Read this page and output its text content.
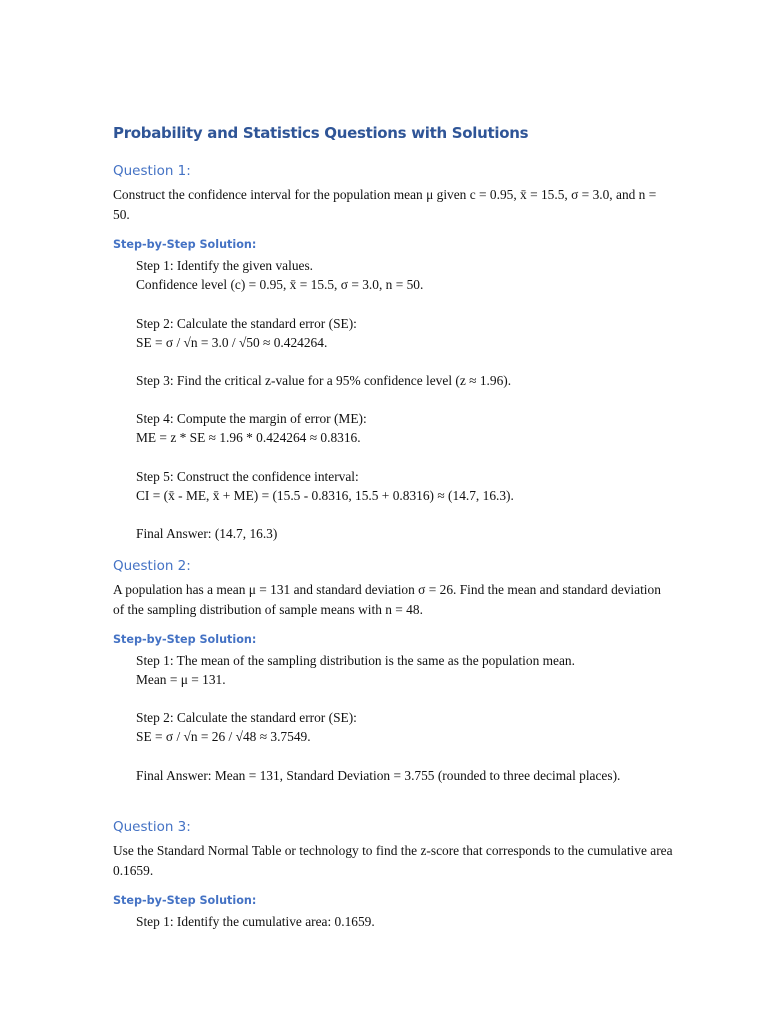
Probability and Statistics Questions with Solutions
Question 1:

Construct the confidence interval for the population mean μ given c = 0.95, x̄ = 15.5, σ = 3.0, and n = 50.

Step-by-Step Solution:

Step 1: Identify the given values.

Confidence level (c) = 0.95, x̄ = 15.5, σ = 3.0, n = 50.

Step 2: Calculate the standard error (SE):

SE = σ / √n = 3.0 / √50 ≈ 0.424264.

Step 3: Find the critical z-value for a 95% confidence level (z ≈ 1.96).

Step 4: Compute the margin of error (ME):

ME = z * SE ≈ 1.96 * 0.424264 ≈ 0.8316.

Step 5: Construct the confidence interval:

CI = (x̄ - ME, x̄ + ME) = (15.5 - 0.8316, 15.5 + 0.8316) ≈ (14.7, 16.3).

Final Answer: (14.7, 16.3)

Question 2:

A population has a mean μ = 131 and standard deviation σ = 26. Find the mean and standard deviation of the sampling distribution of sample means with n = 48.

Step-by-Step Solution:

Step 1: The mean of the sampling distribution is the same as the population mean.

Mean = μ = 131.

Step 2: Calculate the standard error (SE):

SE = σ / √n = 26 / √48 ≈ 3.7549.

Final Answer: Mean = 131, Standard Deviation = 3.755 (rounded to three decimal places).

Question 3:

Use the Standard Normal Table or technology to find the z-score that corresponds to the cumulative area 0.1659.

Step-by-Step Solution:

Step 1: Identify the cumulative area: 0.1659.
